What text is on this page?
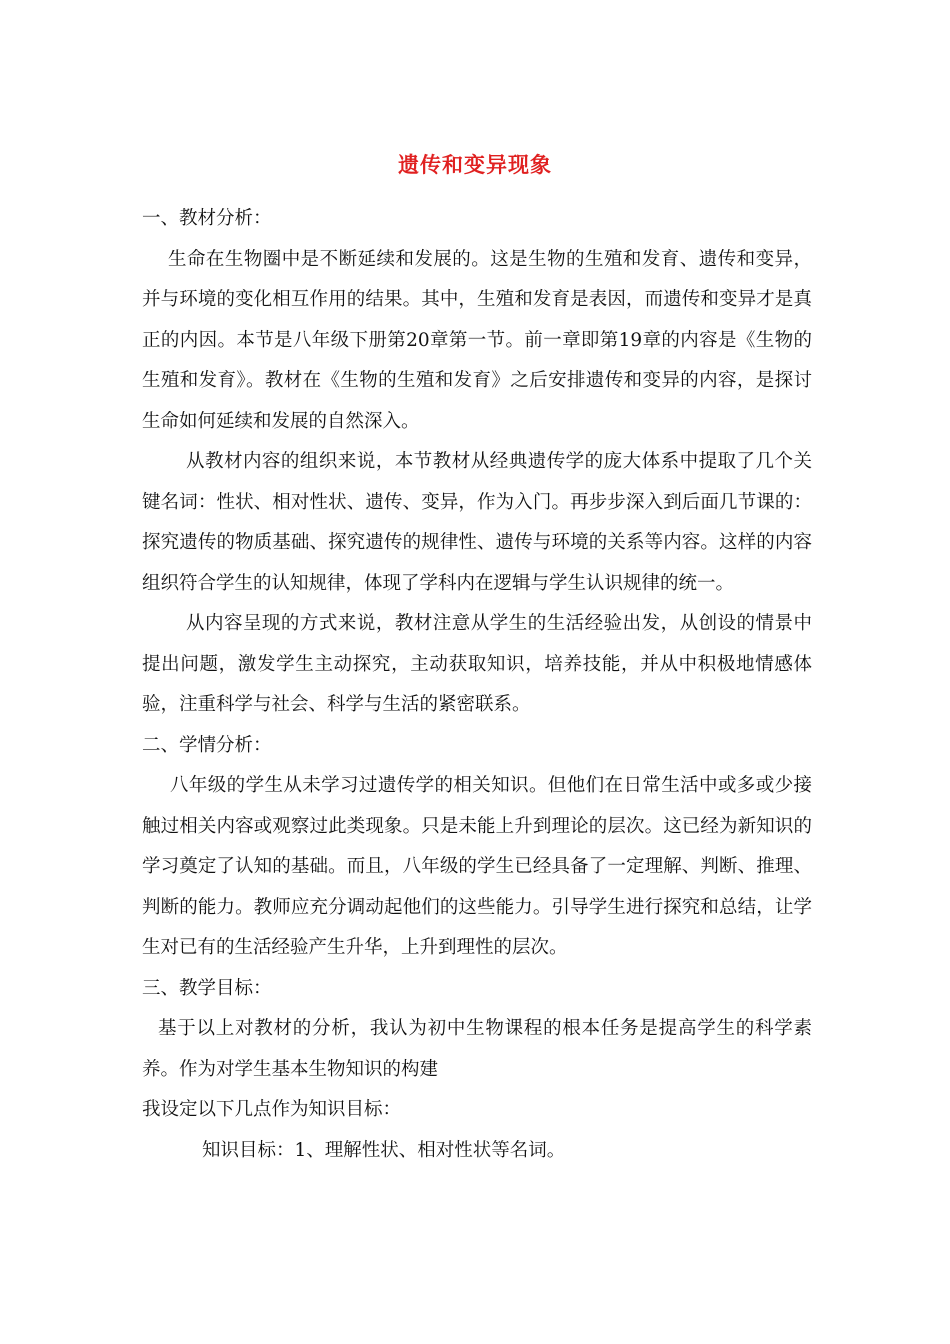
遗传和变异现象
一、教材分析：

生命在生物圈中是不断延续和发展的。这是生物的生殖和发育、遗传和变异，并与环境的变化相互作用的结果。其中，生殖和发育是表因，而遗传和变异才是真正的内因。本节是八年级下册第20章第一节。前一章即第19章的内容是《生物的生殖和发育》。教材在《生物的生殖和发育》之后安排遗传和变异的内容，是探讨生命如何延续和发展的自然深入。

从教材内容的组织来说，本节教材从经典遗传学的庞大体系中提取了几个关键名词：性状、相对性状、遗传、变异，作为入门。再步步深入到后面几节课的：探究遗传的物质基础、探究遗传的规律性、遗传与环境的关系等内容。这样的内容组织符合学生的认知规律，体现了学科内在逻辑与学生认识规律的统一。

从内容呈现的方式来说，教材注意从学生的生活经验出发，从创设的情景中提出问题，激发学生主动探究，主动获取知识，培养技能，并从中积极地情感体验，注重科学与社会、科学与生活的紧密联系。

二、学情分析：

八年级的学生从未学习过遗传学的相关知识。但他们在日常生活中或多或少接触过相关内容或观察过此类现象。只是未能上升到理论的层次。这已经为新知识的学习奠定了认知的基础。而且，八年级的学生已经具备了一定理解、判断、推理、判断的能力。教师应充分调动起他们的这些能力。引导学生进行探究和总结，让学生对已有的生活经验产生升华，上升到理性的层次。

三、教学目标：

基于以上对教材的分析，我认为初中生物课程的根本任务是提高学生的科学素养。作为对学生基本生物知识的构建

我设定以下几点作为知识目标：

知识目标：1、理解性状、相对性状等名词。
